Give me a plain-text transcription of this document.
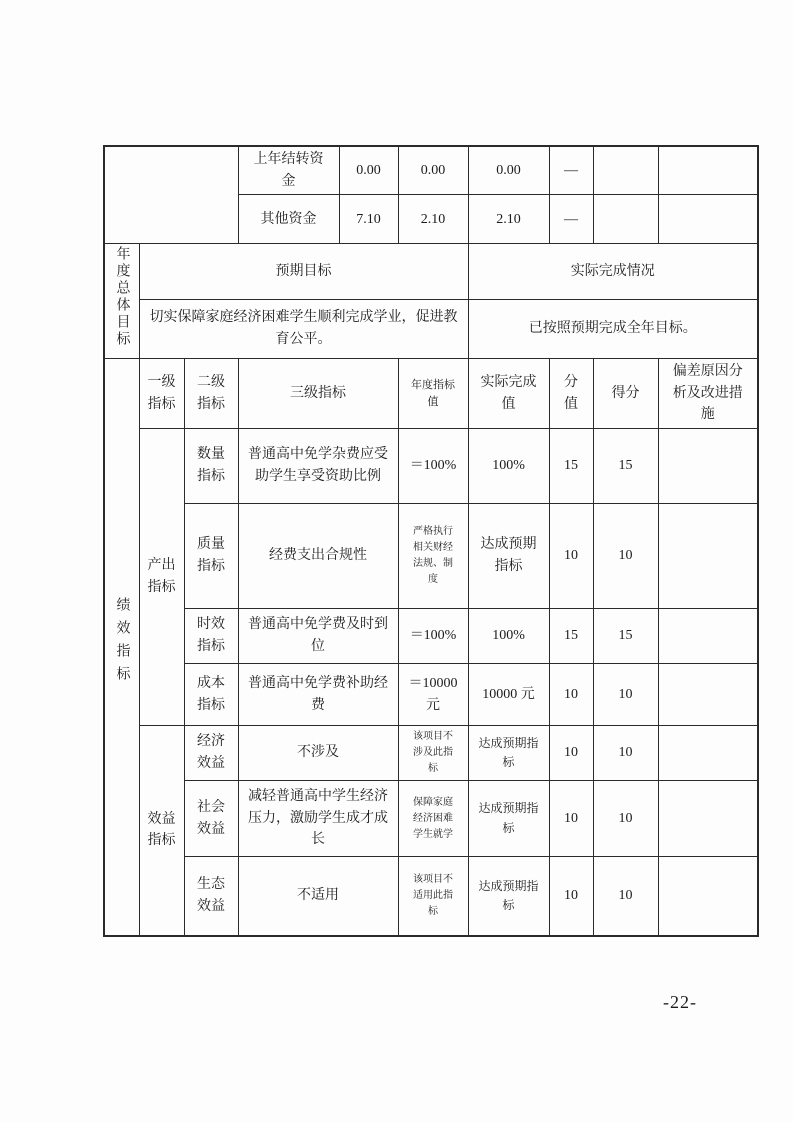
			上年结转资金	0.00	0.00	0.00	—		
			其他资金	7.10	2.10	2.10	—		
年度总体目标	预期目标					实际完成情况			
	切实保障家庭经济困难学生顺利完成学业，促进教育公平。					已按照预期完成全年目标。			
绩效指标	一级指标	二级指标	三级指标		年度指标值	实际完成值	分值	得分	偏差原因分析及改进措施
	产出指标	数量指标	普通高中免学杂费应受助学生享受资助比例		＝100%	100%	15	15	
		质量指标	经费支出合规性		严格执行相关财经法规、制度	达成预期指标	10	10	
		时效指标	普通高中免学费及时到位		＝100%	100%	15	15	
		成本指标	普通高中免学费补助经费		＝10000元	10000 元	10	10	
	效益指标	经济效益	不涉及		该项目不涉及此指标	达成预期指标	10	10	
		社会效益	减轻普通高中学生经济压力，激励学生成才成长		保障家庭经济困难学生就学	达成预期指标	10	10	
		生态效益	不适用		该项目不适用此指标	达成预期指标	10	10	
-22-
